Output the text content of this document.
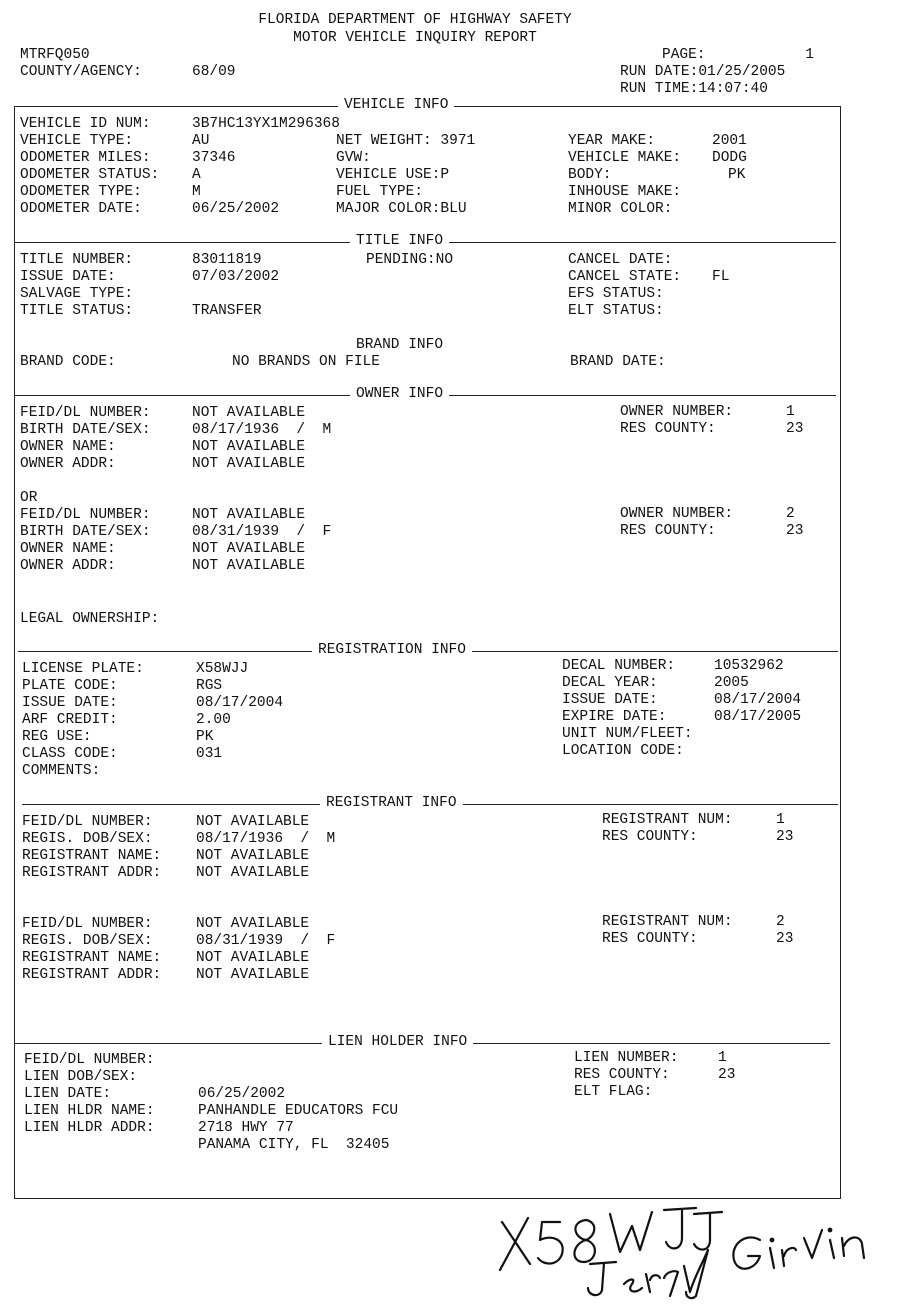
FLORIDA DEPARTMENT OF HIGHWAY SAFETY
MOTOR VEHICLE INQUIRY REPORT
MTRFQ050
COUNTY/AGENCY:	68/09
PAGE:	1
RUN DATE:01/25/2005
RUN TIME:14:07:40
VEHICLE INFO
VEHICLE ID NUM:	3B7HC13YX1M296368
VEHICLE TYPE:	AU
ODOMETER MILES:	37346
ODOMETER STATUS: A
ODOMETER TYPE:	M
ODOMETER DATE:	06/25/2002
NET WEIGHT: 3971
GVW:
VEHICLE USE:P
FUEL TYPE:
MAJOR COLOR:BLU
YEAR MAKE:	2001
VEHICLE MAKE: DODG
BODY:	PK
INHOUSE MAKE:
MINOR COLOR:
TITLE INFO
TITLE NUMBER:	83011819	PENDING:NO
ISSUE DATE:	07/03/2002
SALVAGE TYPE:
TITLE STATUS:	TRANSFER
CANCEL DATE:
CANCEL STATE: FL
EFS STATUS:
ELT STATUS:
BRAND INFO
BRAND CODE:	NO BRANDS ON FILE	BRAND DATE:
OWNER INFO
FEID/DL NUMBER:	NOT AVAILABLE
BIRTH DATE/SEX:	08/17/1936  /  M
OWNER NAME:	NOT AVAILABLE
OWNER ADDR:	NOT AVAILABLE
OWNER NUMBER:	1
RES COUNTY:	23
OR
FEID/DL NUMBER:	NOT AVAILABLE
BIRTH DATE/SEX:	08/31/1939  /  F
OWNER NAME:	NOT AVAILABLE
OWNER ADDR:	NOT AVAILABLE
OWNER NUMBER:	2
RES COUNTY:	23
LEGAL OWNERSHIP:
REGISTRATION INFO
LICENSE PLATE:	X58WJJ
PLATE CODE:	RGS
ISSUE DATE:	08/17/2004
ARF CREDIT:	2.00
REG USE:	PK
CLASS CODE:	031
COMMENTS:
DECAL NUMBER:	10532962
DECAL YEAR:	2005
ISSUE DATE:	08/17/2004
EXPIRE DATE:	08/17/2005
UNIT NUM/FLEET:
LOCATION CODE:
REGISTRANT INFO
FEID/DL NUMBER:	NOT AVAILABLE
REGIS. DOB/SEX:	08/17/1936  /  M
REGISTRANT NAME: NOT AVAILABLE
REGISTRANT ADDR: NOT AVAILABLE
REGISTRANT NUM:	1
RES COUNTY:	23
FEID/DL NUMBER:	NOT AVAILABLE
REGIS. DOB/SEX:	08/31/1939  /  F
REGISTRANT NAME: NOT AVAILABLE
REGISTRANT ADDR: NOT AVAILABLE
REGISTRANT NUM:	2
RES COUNTY:	23
LIEN HOLDER INFO
FEID/DL NUMBER:
LIEN DOB/SEX:
LIEN DATE:	06/25/2002
LIEN HLDR NAME:	PANHANDLE EDUCATORS FCU
LIEN HLDR ADDR:	2718 HWY 77
PANAMA CITY, FL  32405
LIEN NUMBER:	1
RES COUNTY:	23
ELT FLAG:
